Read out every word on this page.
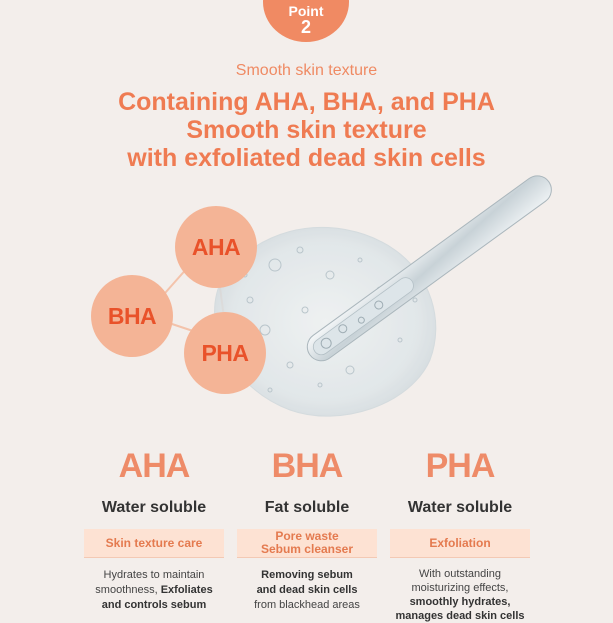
Point
2
Smooth skin texture
Containing AHA, BHA, and PHA
Smooth skin texture
with exfoliated dead skin cells
AHA
BHA
PHA
AHA
Water soluble
Skin texture care
Hydrates to maintain
smoothness, Exfoliates
and controls sebum
BHA
Fat soluble
Pore waste
Sebum cleanser
Removing sebum
and dead skin cells
from blackhead areas
PHA
Water soluble
Exfoliation
With outstanding
moisturizing effects,
smoothly hydrates,
manages dead skin cells
